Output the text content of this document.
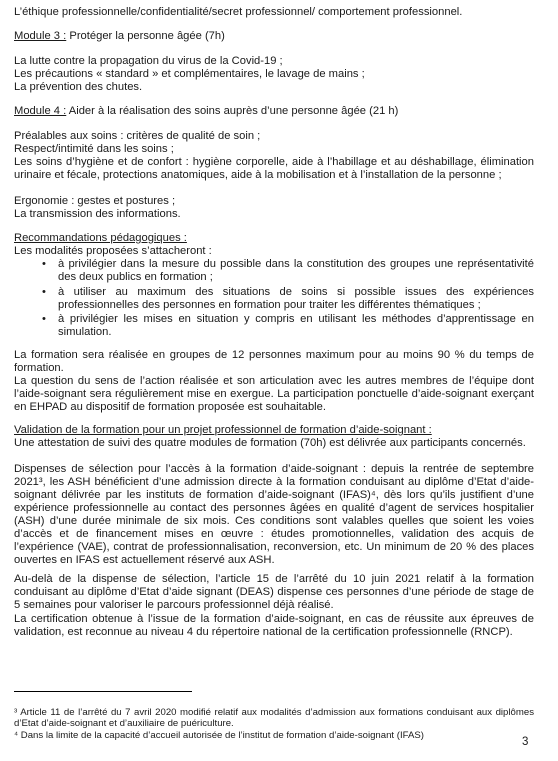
L’éthique professionnelle/confidentialité/secret professionnel/ comportement professionnel.

Module 3 : Protéger la personne âgée (7h)

La lutte contre la propagation du virus de la Covid-19 ;

Les précautions « standard » et complémentaires, le lavage de mains ;

La prévention des chutes.

Module 4 : Aider à la réalisation des soins auprès d’une personne âgée (21 h)

Préalables aux soins : critères de qualité de soin ;

Respect/intimité dans les soins ;

Les soins d’hygiène et de confort : hygiène corporelle, aide à l’habillage et au déshabillage, élimination urinaire et fécale, protections anatomiques, aide à la mobilisation et à l’installation de la personne ;

Ergonomie : gestes et postures ;

La transmission des informations.

Recommandations pédagogiques :

Les modalités proposées s’attacheront :

• à privilégier dans la mesure du possible dans la constitution des groupes une représentativité des deux publics en formation ;
• à utiliser au maximum des situations de soins si possible issues des expériences professionnelles des personnes en formation pour traiter les différentes thématiques ;
• à privilégier les mises en situation y compris en utilisant les méthodes d’apprentissage en simulation.

La formation sera réalisée en groupes de 12 personnes maximum pour au moins 90 % du temps de formation.

La question du sens de l’action réalisée et son articulation avec les autres membres de l’équipe dont l’aide-soignant sera régulièrement mise en exergue. La participation ponctuelle d’aide-soignant exerçant en EHPAD au dispositif de formation proposée est souhaitable.

Validation de la formation pour un projet professionnel de formation d’aide-soignant :

Une attestation de suivi des quatre modules de formation (70h) est délivrée aux participants concernés.

Dispenses de sélection pour l’accès à la formation d’aide-soignant : depuis la rentrée de septembre 2021³, les ASH bénéficient d’une admission directe à la formation conduisant au diplôme d’Etat d’aide-soignant délivrée par les instituts de formation d’aide-soignant (IFAS)⁴, dès lors qu’ils justifient d’une expérience professionnelle au contact des personnes âgées en qualité d’agent de services hospitalier (ASH) d’une durée minimale de six mois. Ces conditions sont valables quelles que soient les voies d’accès et de financement mises en œuvre : études promotionnelles, validation des acquis de l’expérience (VAE), contrat de professionnalisation, reconversion, etc. Un minimum de 20 % des places ouvertes en IFAS est actuellement réservé aux ASH.

Au-delà de la dispense de sélection, l’article 15 de l’arrêté du 10 juin 2021 relatif à la formation conduisant au diplôme d’Etat d’aide signant (DEAS) dispense ces personnes d’une période de stage de 5 semaines pour valoriser le parcours professionnel déjà réalisé.

La certification obtenue à l’issue de la formation d’aide-soignant, en cas de réussite aux épreuves de validation, est reconnue au niveau 4 du répertoire national de la certification professionnelle (RNCP).

³ Article 11 de l’arrêté du 7 avril 2020 modifié relatif aux modalités d’admission aux formations conduisant aux diplômes d’Etat d’aide-soignant et d’auxiliaire de puériculture.

⁴ Dans la limite de la capacité d’accueil autorisée de l’institut de formation d’aide-soignant (IFAS)

3
